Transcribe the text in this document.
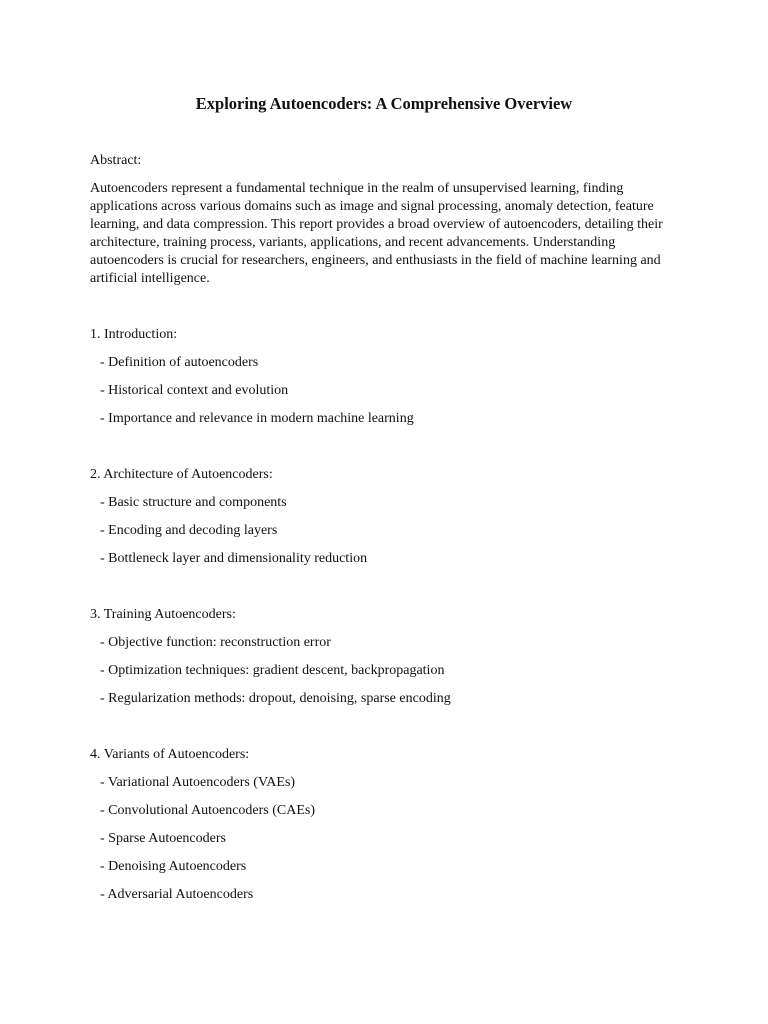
Exploring Autoencoders: A Comprehensive Overview

Abstract:

Autoencoders represent a fundamental technique in the realm of unsupervised learning, finding applications across various domains such as image and signal processing, anomaly detection, feature learning, and data compression. This report provides a broad overview of autoencoders, detailing their architecture, training process, variants, applications, and recent advancements. Understanding autoencoders is crucial for researchers, engineers, and enthusiasts in the field of machine learning and artificial intelligence.

1. Introduction:

- Definition of autoencoders

- Historical context and evolution

- Importance and relevance in modern machine learning

2. Architecture of Autoencoders:

- Basic structure and components

- Encoding and decoding layers

- Bottleneck layer and dimensionality reduction

3. Training Autoencoders:

- Objective function: reconstruction error

- Optimization techniques: gradient descent, backpropagation

- Regularization methods: dropout, denoising, sparse encoding

4. Variants of Autoencoders:

- Variational Autoencoders (VAEs)

- Convolutional Autoencoders (CAEs)

- Sparse Autoencoders

- Denoising Autoencoders

- Adversarial Autoencoders
